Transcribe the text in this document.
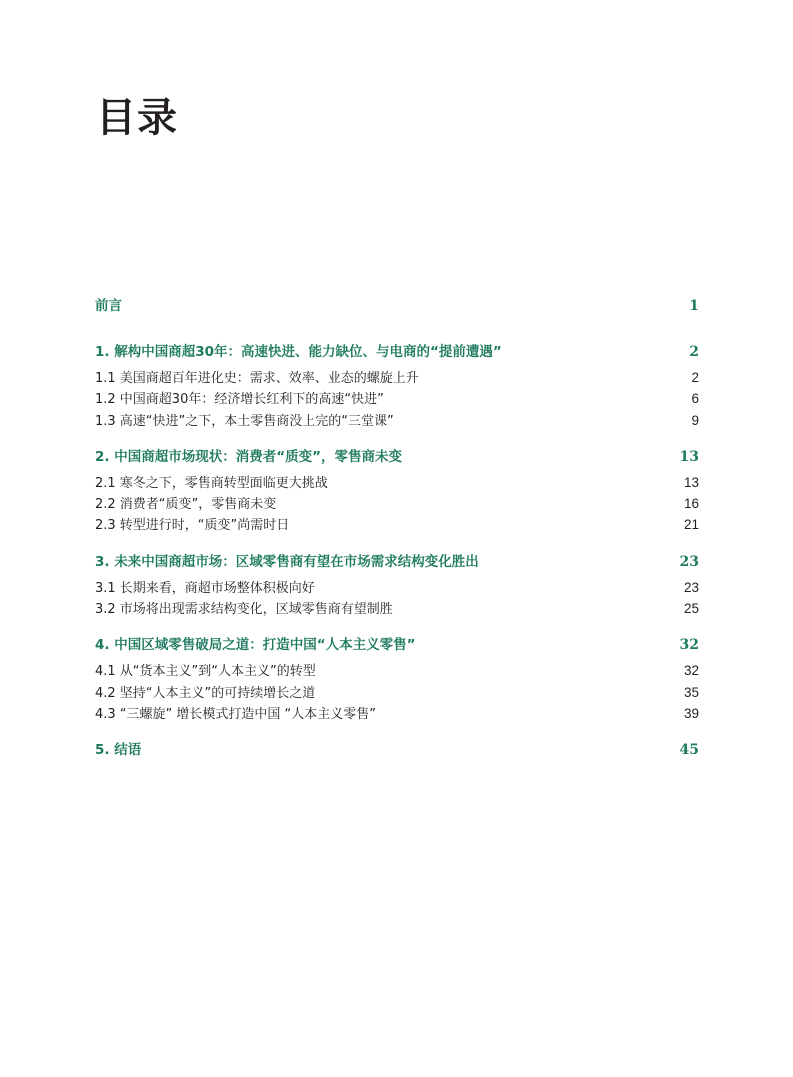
目录
前言	1
1. 解构中国商超30年：高速快进、能力缺位、与电商的“提前遭遇”	2
1.1 美国商超百年进化史：需求、效率、业态的螺旋上升	2
1.2 中国商超30年：经济增长红利下的高速“快进”	6
1.3 高速“快进”之下，本土零售商没上完的“三堂课”	9
2. 中国商超市场现状：消费者“质变”，零售商未变	13
2.1 寒冬之下，零售商转型面临更大挑战	13
2.2 消费者“质变”，零售商未变	16
2.3 转型进行时，“质变”尚需时日	21
3. 未来中国商超市场：区域零售商有望在市场需求结构变化胜出	23
3.1 长期来看，商超市场整体积极向好	23
3.2 市场将出现需求结构变化，区域零售商有望制胜	25
4. 中国区域零售破局之道：打造中国“人本主义零售”	32
4.1 从“货本主义”到“人本主义”的转型	32
4.2 坚持“人本主义”的可持续增长之道	35
4.3 “三螺旋” 增长模式打造中国 “人本主义零售”	39
5. 结语	45
